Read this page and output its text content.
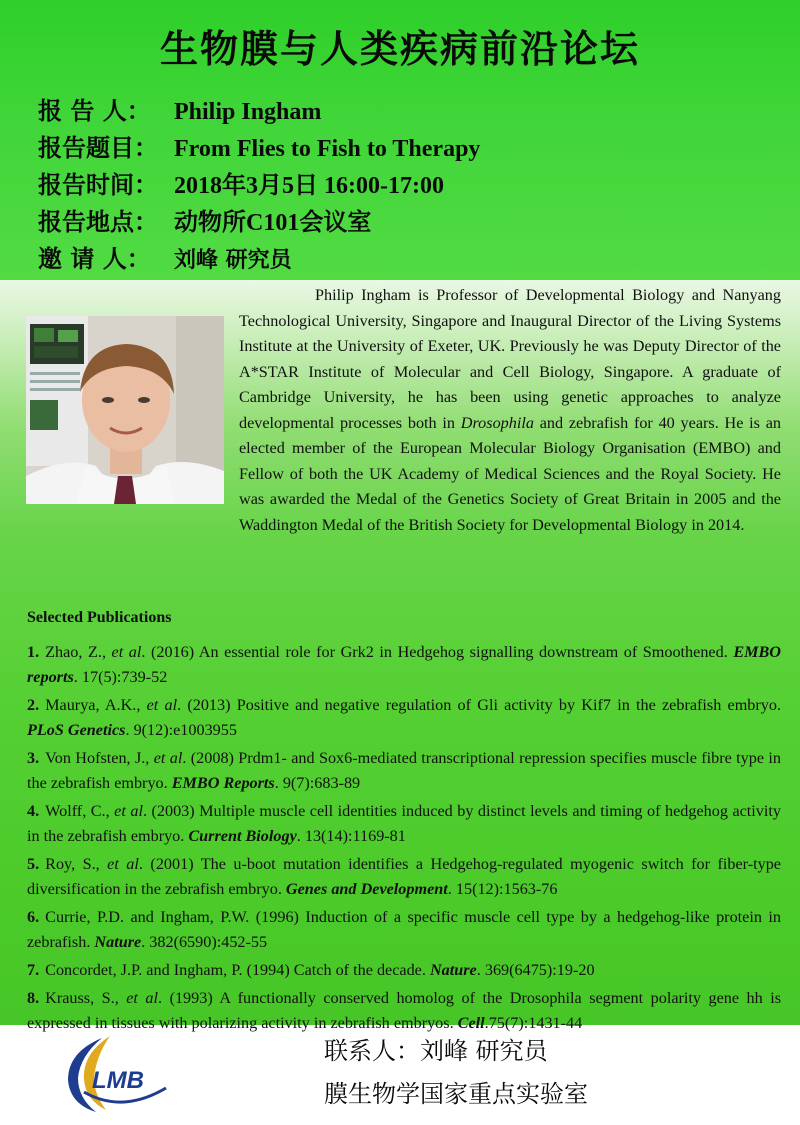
生物膜与人类疾病前沿论坛
报 告 人： Philip Ingham
报告题目： From Flies to Fish to Therapy
报告时间： 2018年3月5日 16:00-17:00
报告地点： 动物所C101会议室
邀 请 人： 刘峰 研究员
Philip Ingham is Professor of Developmental Biology and Nanyang Technological University, Singapore and Inaugural Director of the Living Systems Institute at the University of Exeter, UK. Previously he was Deputy Director of the A*STAR Institute of Molecular and Cell Biology, Singapore. A graduate of Cambridge University, he has been using genetic approaches to analyze developmental processes both in Drosophila and zebrafish for 40 years. He is an elected member of the European Molecular Biology Organisation (EMBO) and Fellow of both the UK Academy of Medical Sciences and the Royal Society. He was awarded the Medal of the Genetics Society of Great Britain in 2005 and the Waddington Medal of the British Society for Developmental Biology in 2014.
Selected Publications
1. Zhao, Z., et al. (2016) An essential role for Grk2 in Hedgehog signalling downstream of Smoothened. EMBO reports. 17(5):739-52
2. Maurya, A.K., et al. (2013) Positive and negative regulation of Gli activity by Kif7 in the zebrafish embryo. PLoS Genetics. 9(12):e1003955
3. Von Hofsten, J., et al. (2008) Prdm1- and Sox6-mediated transcriptional repression specifies muscle fibre type in the zebrafish embryo. EMBO Reports. 9(7):683-89
4. Wolff, C., et al. (2003) Multiple muscle cell identities induced by distinct levels and timing of hedgehog activity in the zebrafish embryo. Current Biology. 13(14):1169-81
5. Roy, S., et al. (2001) The u-boot mutation identifies a Hedgehog-regulated myogenic switch for fiber-type diversification in the zebrafish embryo. Genes and Development. 15(12):1563-76
6. Currie, P.D. and Ingham, P.W. (1996) Induction of a specific muscle cell type by a hedgehog-like protein in zebrafish. Nature. 382(6590):452-55
7. Concordet, J.P. and Ingham, P. (1994) Catch of the decade. Nature. 369(6475):19-20
8. Krauss, S., et al. (1993) A functionally conserved homolog of the Drosophila segment polarity gene hh is expressed in tissues with polarizing activity in zebrafish embryos. Cell.75(7):1431-44
LMB
联系人：刘峰 研究员
膜生物学国家重点实验室
